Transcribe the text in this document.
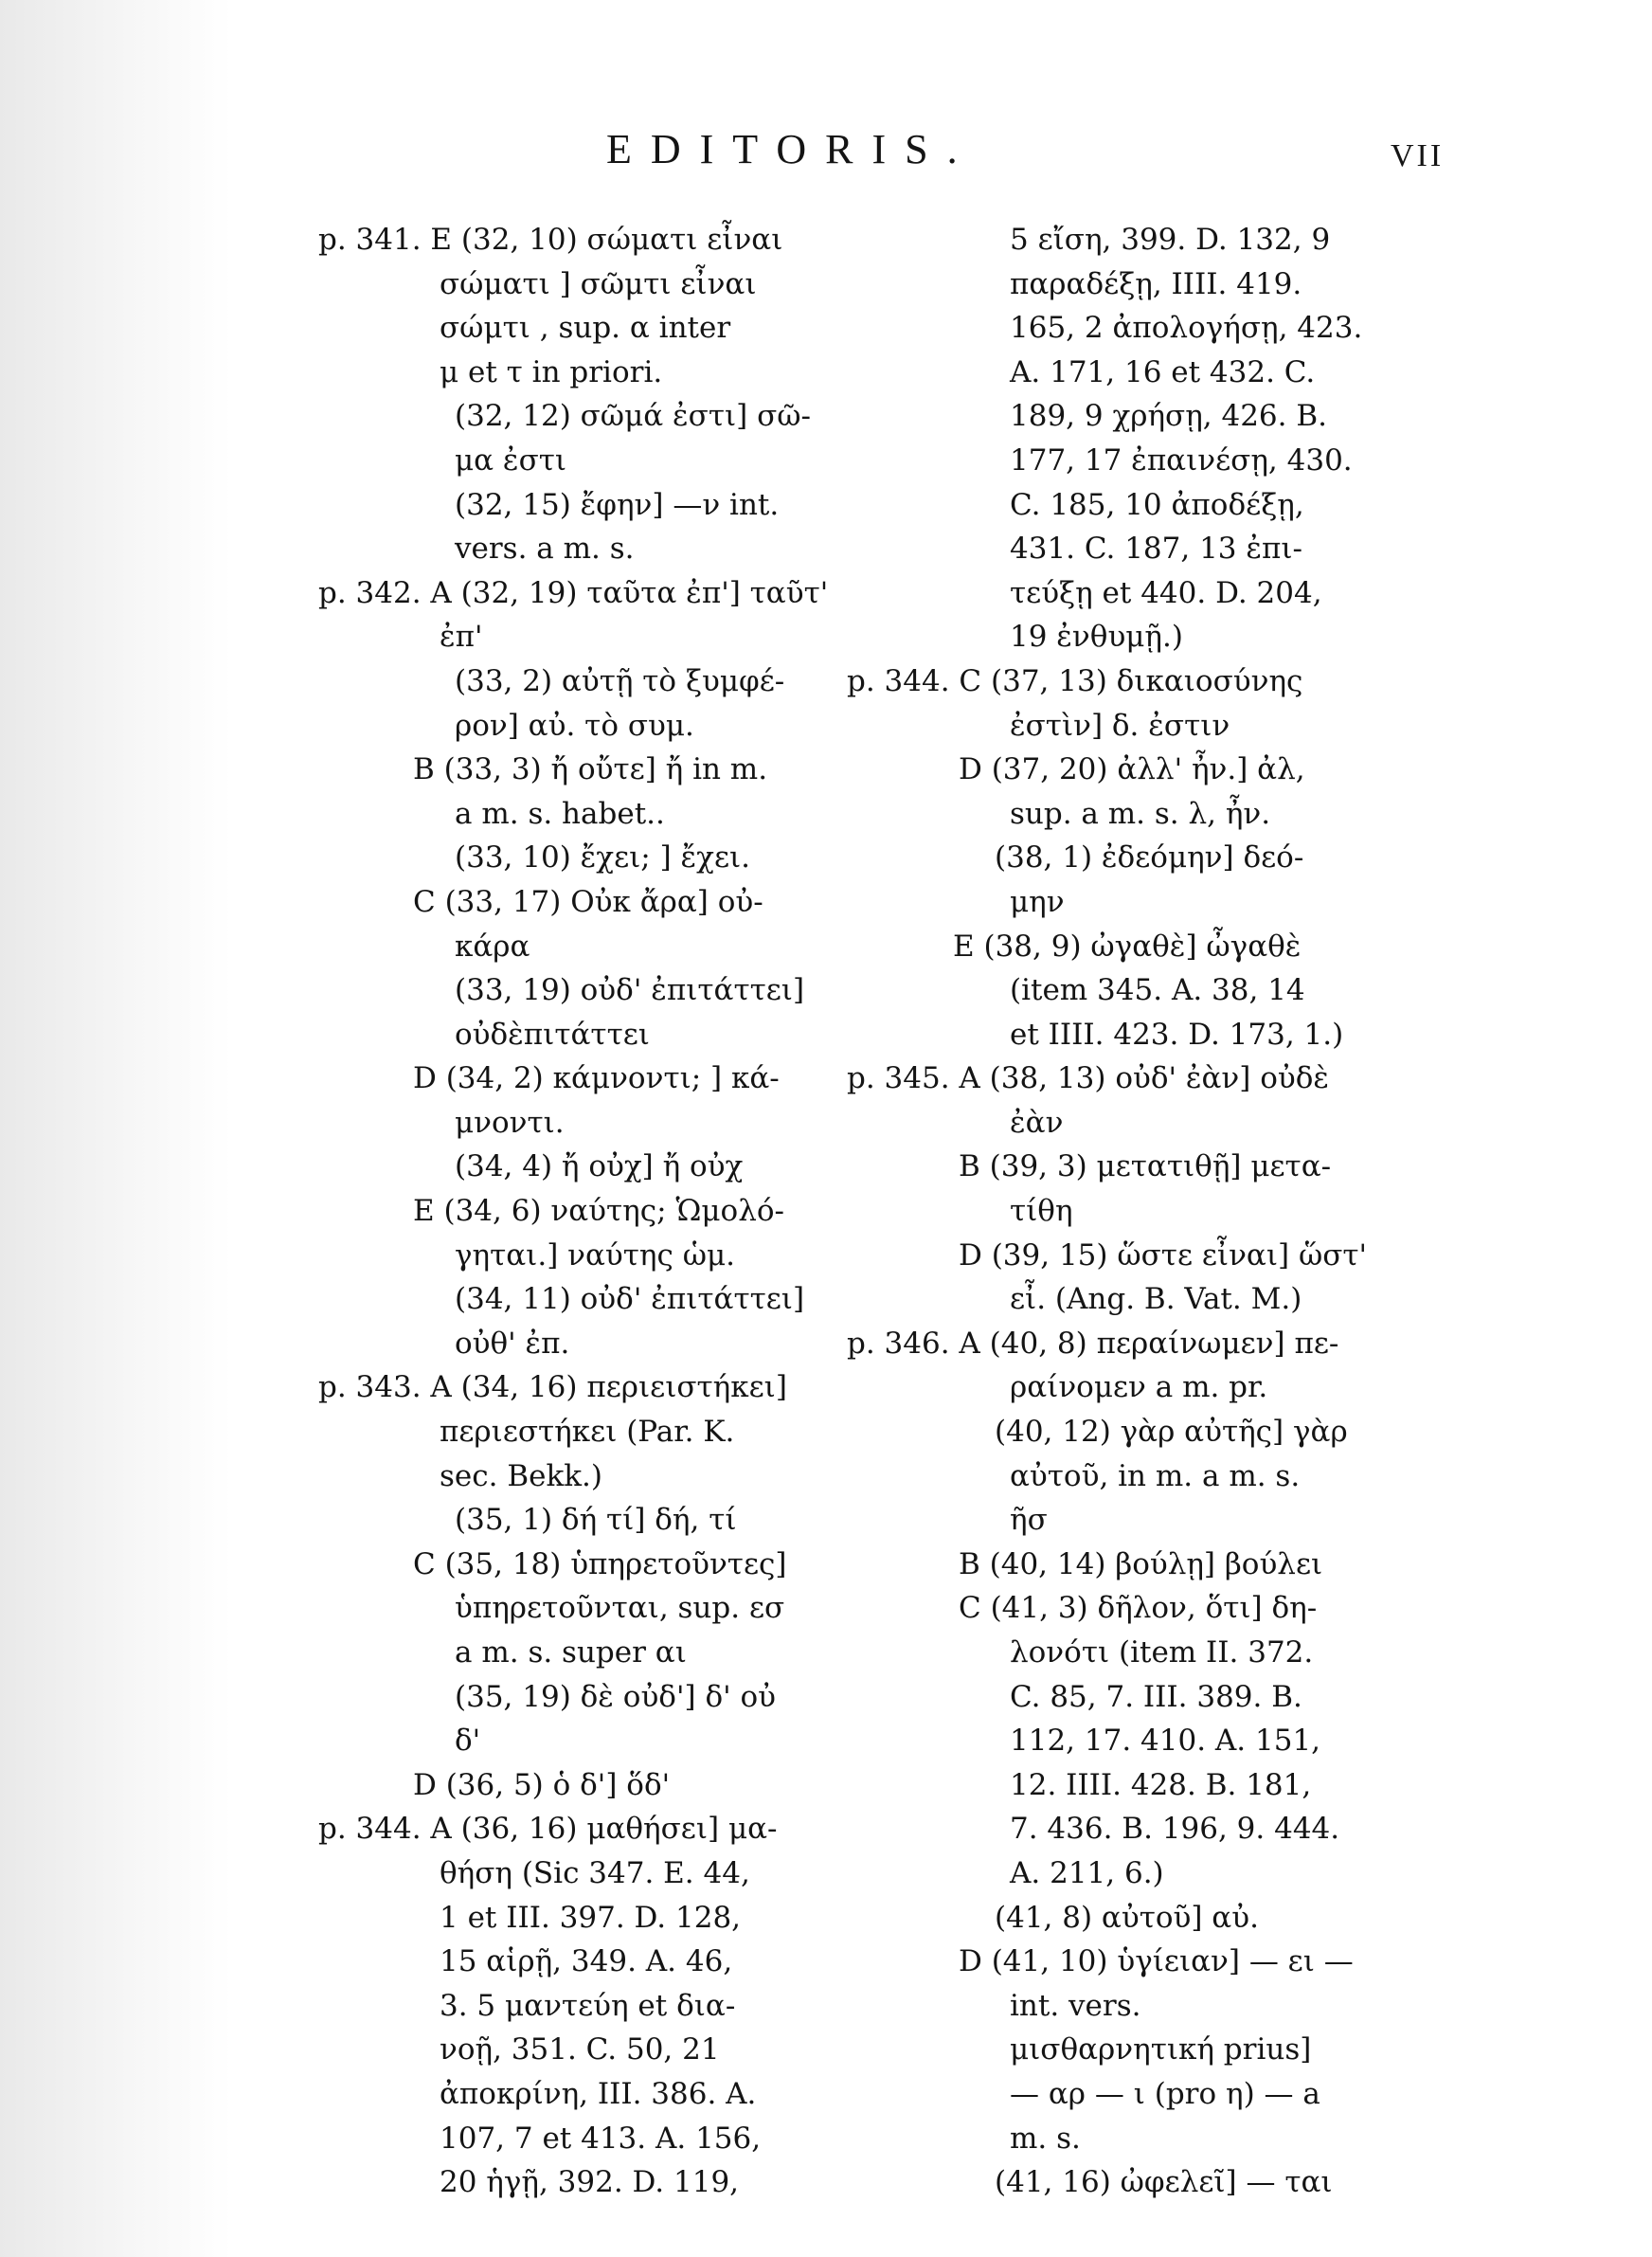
EDITORIS.	VII
p. 341. E (32, 10) σώματι εἶναι
σώματι ] σῶμτι εἶναι
σώμτι , sup. α inter
μ et τ in priori.
(32, 12) σῶμά ἐστι] σῶ-
μα ἐστι
(32, 15) ἔφην] —ν int.
vers. a m. s.
p. 342. A (32, 19) ταῦτα ἐπ'] ταῦτ'
ἐπ'
(33, 2) αὐτῇ τὸ ξυμφέ-
ρον] αὐ. τὸ συμ.
B (33, 3) ἤ οὔτε] ἤ in m.
a m. s. habet..
(33, 10) ἔχει; ] ἔχει.
C (33, 17) Οὐκ ἄρα] οὐ-
κάρα
(33, 19) οὐδ' ἐπιτάττει]
οὐδὲπιτάττει
D (34, 2) κάμνοντι; ] κά-
μνοντι.
(34, 4) ἤ οὐχ] ἤ οὐχ
E (34, 6) ναύτης; Ὡμολό-
γηται.] ναύτης ὡμ.
(34, 11) οὐδ' ἐπιτάττει]
οὐθ' ἐπ.
p. 343. A (34, 16) περιειστήκει]
περιεστήκει (Par. K.
sec. Bekk.)
(35, 1) δή τί] δή, τί
C (35, 18) ὑπηρετοῦντες]
ὑπηρετοῦνται, sup. εσ
a m. s. super αι
(35, 19) δὲ οὐδ'] δ' οὐ
δ'
D (36, 5) ὁ δ'] ὅδ'
p. 344. A (36, 16) μαθήσει] μα-
θήση (Sic 347. E. 44,
1 et III. 397. D. 128,
15 αἱρῇ, 349. A. 46,
3. 5 μαντεύη et δια-
νοῇ, 351. C. 50, 21
ἀποκρίνη, III. 386. A.
107, 7 et 413. A. 156,
20 ἡγῇ, 392. D. 119,
5 εἴση, 399. D. 132, 9
παραδέξῃ, IIII. 419.
165, 2 ἀπολογήσῃ, 423.
A. 171, 16 et 432. C.
189, 9 χρήσῃ, 426. B.
177, 17 ἐπαινέσῃ, 430.
C. 185, 10 ἀποδέξῃ,
431. C. 187, 13 ἐπι-
τεύξῃ et 440. D. 204,
19 ἐνθυμῇ.)
p. 344. C (37, 13) δικαιοσύνης
ἐστὶν] δ. ἐστιν
D (37, 20) ἀλλ' ἦν.] ἀλ,
sup. a m. s. λ, ἦν.
(38, 1) ἐδεόμην] δεό-
μην
E (38, 9) ὠγαθὲ] ὦγαθὲ
(item 345. A. 38, 14
et IIII. 423. D. 173, 1.)
p. 345. A (38, 13) οὐδ' ἐὰν] οὐδὲ
ἐὰν
B (39, 3) μετατιθῇ] μετα-
τίθη
D (39, 15) ὥστε εἶναι] ὥστ'
εἶ. (Ang. B. Vat. M.)
p. 346. A (40, 8) περαίνωμεν] πε-
ραίνομεν a m. pr.
(40, 12) γὰρ αὐτῆς] γὰρ
αὐτοῦ, in m. a m. s.
ῆσ
B (40, 14) βούλῃ] βούλει
C (41, 3) δῆλον, ὅτι] δη-
λονότι (item II. 372.
C. 85, 7. III. 389. B.
112, 17. 410. A. 151,
12. IIII. 428. B. 181,
7. 436. B. 196, 9. 444.
A. 211, 6.)
(41, 8) αὐτοῦ] αὐ.
D (41, 10) ὑγίειαν] — ει —
int. vers.
μισθαρνητική prius]
— αρ — ι (pro η) — a
m. s.
(41, 16) ὠφελεῖ] — ται
